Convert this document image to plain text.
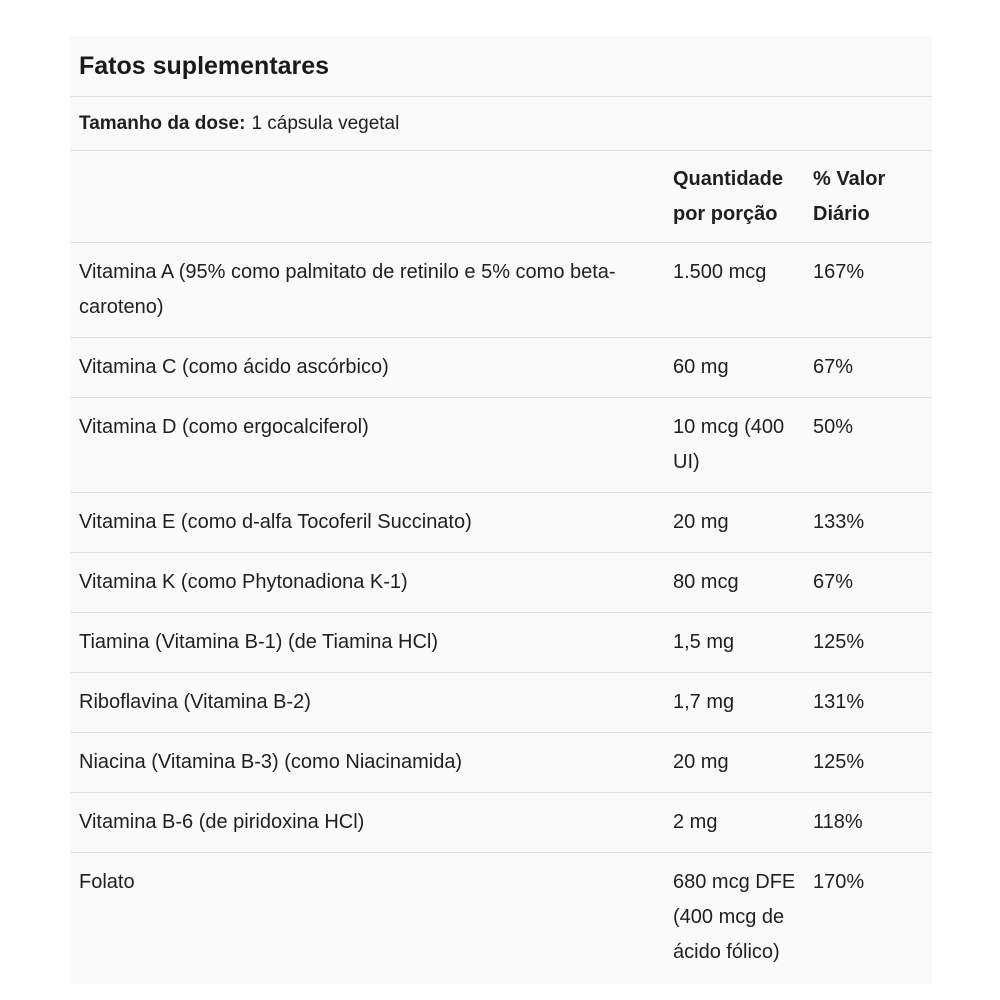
Fatos suplementares
Tamanho da dose: 1 cápsula vegetal
	Quantidade por porção	% Valor Diário
Vitamina A (95% como palmitato de retinilo e 5% como beta-caroteno)	1.500 mcg	167%
Vitamina C (como ácido ascórbico)	60 mg	67%
Vitamina D (como ergocalciferol)	10 mcg (400 UI)	50%
Vitamina E (como d-alfa Tocoferil Succinato)	20 mg	133%
Vitamina K (como Phytonadiona K-1)	80 mcg	67%
Tiamina (Vitamina B-1) (de Tiamina HCl)	1,5 mg	125%
Riboflavina (Vitamina B-2)	1,7 mg	131%
Niacina (Vitamina B-3) (como Niacinamida)	20 mg	125%
Vitamina B-6 (de piridoxina HCl)	2 mg	118%
Folato	680 mcg DFE (400 mcg de ácido fólico)	170%
